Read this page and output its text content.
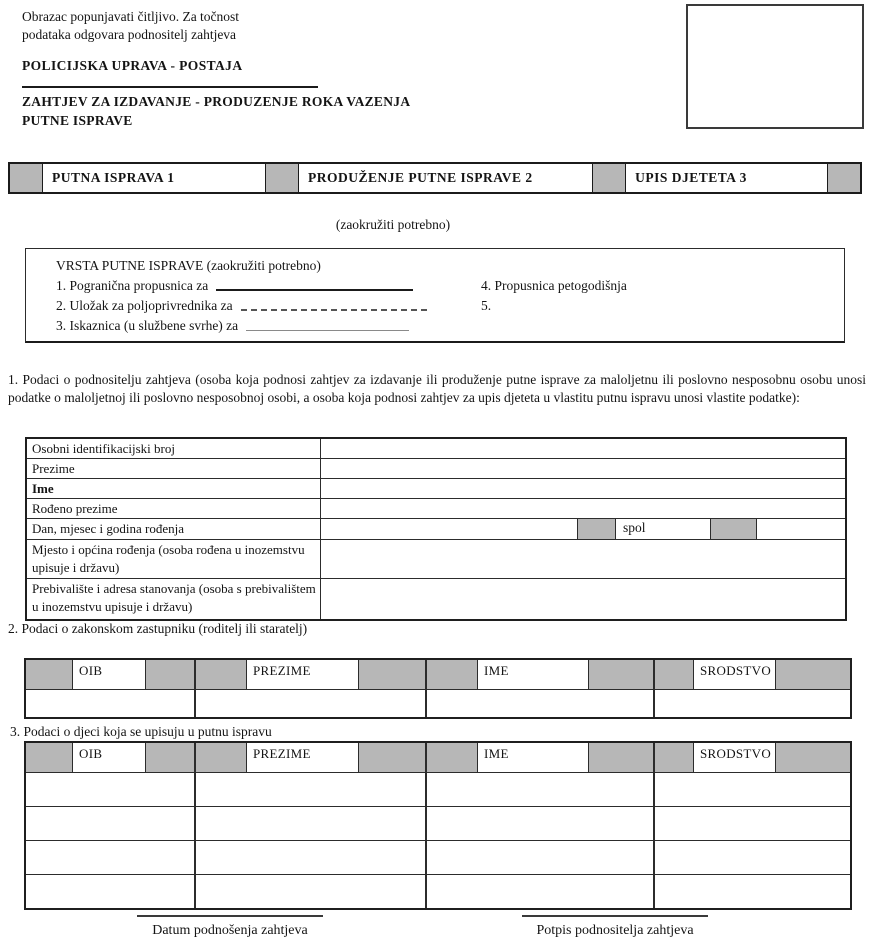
Obrazac popunjavati čitljivo. Za točnost
podataka odgovara podnositelj zahtjeva
POLICIJSKA UPRAVA - POSTAJA
ZAHTJEV ZA IZDAVANJE - PRODUZENJE ROKA VAZENJA
PUTNE ISPRAVE
PUTNA ISPRAVA 1	PRODUŽENJE PUTNE ISPRAVE 2	UPIS DJETETA 3
(zaokružiti potrebno)
VRSTA PUTNE ISPRAVE (zaokružiti potrebno)
1. Pogranična propusnica za
2. Uložak za poljoprivrednika za
3. Iskaznica (u službene svrhe) za
4. Propusnica petogodišnja
5.
1. Podaci o podnositelju zahtjeva (osoba koja podnosi zahtjev za izdavanje ili produženje putne isprave za maloljetnu ili poslovno nesposobnu osobu unosi podatke o maloljetnoj ili poslovno nesposobnoj osobi, a osoba koja podnosi zahtjev za upis djeteta u vlastitu putnu ispravu unosi vlastite podatke):
Osobni identifikacijski broj
Prezime
Ime
Rođeno prezime
Dan, mjesec i godina rođenja	spol
Mjesto i općina rođenja (osoba rođena u inozemstvu upisuje i državu)
Prebivalište i adresa stanovanja (osoba s prebivalištem u inozemstvu upisuje i državu)
2. Podaci o zakonskom zastupniku (roditelj ili staratelj)
OIB	PREZIME	IME	SRODSTVO
3. Podaci o djeci koja se upisuju u putnu ispravu
OIB	PREZIME	IME	SRODSTVO
Datum podnošenja zahtjeva	Potpis podnositelja zahtjeva
